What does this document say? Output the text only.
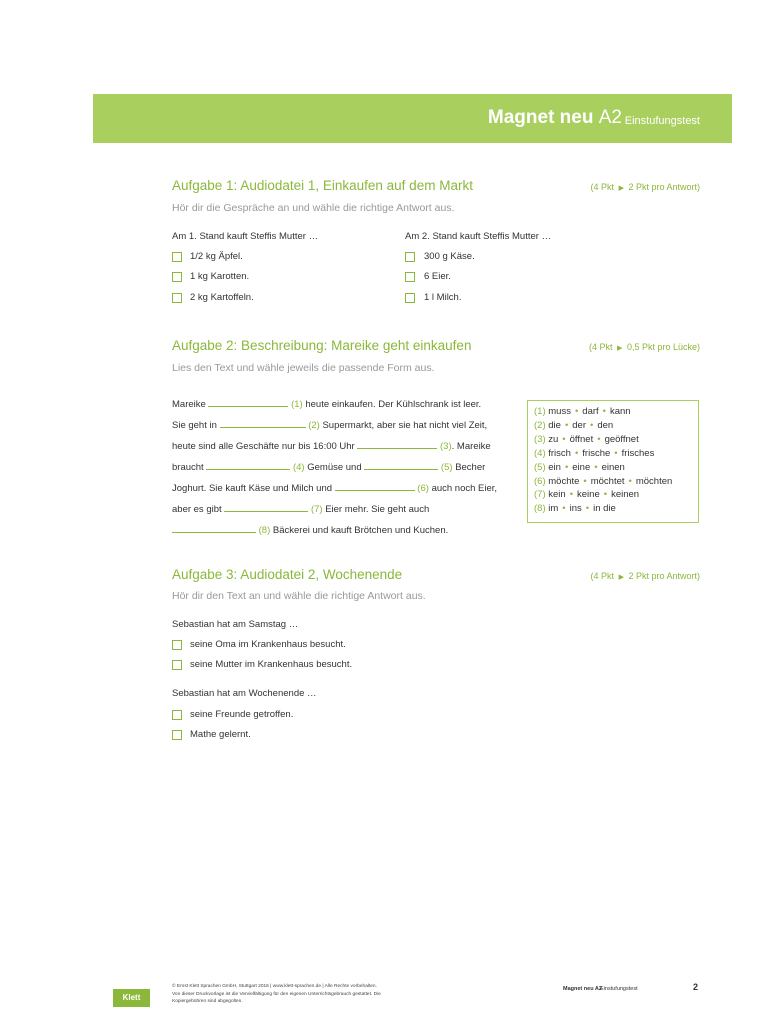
Magnet neu A2 Einstufungstest
Aufgabe 1: Audiodatei 1, Einkaufen auf dem Markt	(4 Pkt ▶ 2 Pkt pro Antwort)
Hör dir die Gespräche an und wähle die richtige Antwort aus.
Am 1. Stand kauft Steffis Mutter …
1/2 kg Äpfel.
1 kg Karotten.
2 kg Kartoffeln.
Am 2. Stand kauft Steffis Mutter …
300 g Käse.
6 Eier.
1 l Milch.
Aufgabe 2: Beschreibung: Mareike geht einkaufen	(4 Pkt ▶ 0,5 Pkt pro Lücke)
Lies den Text und wähle jeweils die passende Form aus.
Mareike	(1) heute einkaufen. Der Kühlschrank ist leer.
Sie geht in	(2) Supermarkt, aber sie hat nicht viel Zeit,
heute sind alle Geschäfte nur bis 16:00 Uhr	(3). Mareike
braucht	(4) Gemüse und	(5) Becher
Joghurt. Sie kauft Käse und Milch und	(6) auch noch Eier,
aber es gibt	(7) Eier mehr. Sie geht auch
(8) Bäckerei und kauft Brötchen und Kuchen.
(1) muss • darf • kann
(2) die • der • den
(3) zu • öffnet • geöffnet
(4) frisch • frische • frisches
(5) ein • eine • einen
(6) möchte • möchtet • möchten
(7) kein • keine • keinen
(8) im • ins • in die
Aufgabe 3: Audiodatei 2, Wochenende	(4 Pkt ▶ 2 Pkt pro Antwort)
Hör dir den Text an und wähle die richtige Antwort aus.
Sebastian hat am Samstag …
seine Oma im Krankenhaus besucht.
seine Mutter im Krankenhaus besucht.
Sebastian hat am Wochenende …
seine Freunde getroffen.
Mathe gelernt.
Klett
© Ernst Klett Sprachen GmbH, Stuttgart 2016 | www.klett-sprachen.de | Alle Rechte vorbehalten.
Von dieser Druckvorlage ist die Vervielfältigung für den eigenen Unterrichtsgebrauch gestattet. Die
Kopiergebühren sind abgegolten.
Magnet neu A2
Einstufungstest	2
